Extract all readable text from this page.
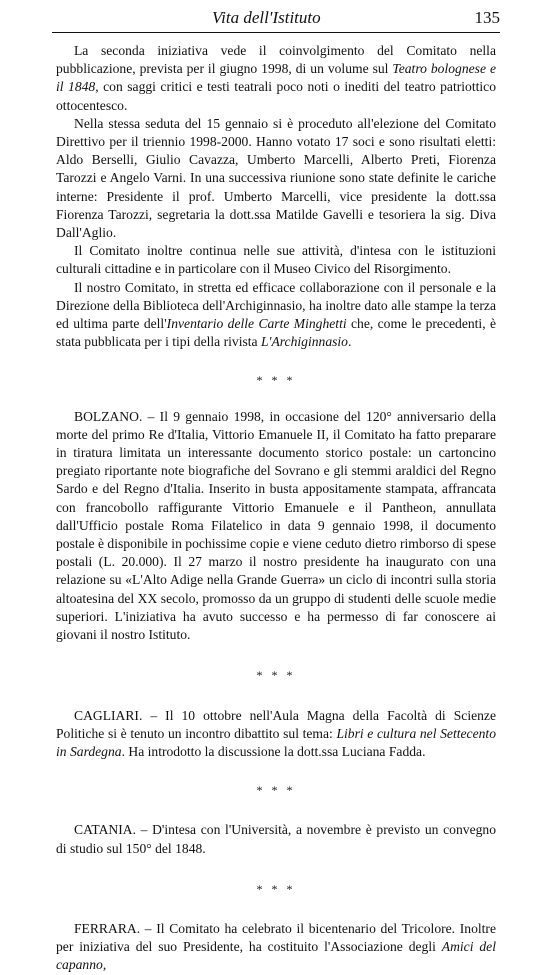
Vita dell'Istituto	135

La seconda iniziativa vede il coinvolgimento del Comitato nella pubblicazione, prevista per il giugno 1998, di un volume sul Teatro bolognese e il 1848, con saggi critici e testi teatrali poco noti o inediti del teatro patriottico ottocentesco.

Nella stessa seduta del 15 gennaio si è proceduto all'elezione del Comitato Direttivo per il triennio 1998-2000. Hanno votato 17 soci e sono risultati eletti: Aldo Berselli, Giulio Cavazza, Umberto Marcelli, Alberto Preti, Fiorenza Tarozzi e Angelo Varni. In una successiva riunione sono state definite le cariche interne: Presidente il prof. Umberto Marcelli, vice presidente la dott.ssa Fiorenza Tarozzi, segretaria la dott.ssa Matilde Gavelli e tesoriera la sig. Diva Dall'Aglio.

Il Comitato inoltre continua nelle sue attività, d'intesa con le istituzioni culturali cittadine e in particolare con il Museo Civico del Risorgimento.

Il nostro Comitato, in stretta ed efficace collaborazione con il personale e la Direzione della Biblioteca dell'Archiginnasio, ha inoltre dato alle stampe la terza ed ultima parte dell'Inventario delle Carte Minghetti che, come le precedenti, è stata pubblicata per i tipi della rivista L'Archiginnasio.

* * *

BOLZANO. – Il 9 gennaio 1998, in occasione del 120° anniversario della morte del primo Re d'Italia, Vittorio Emanuele II, il Comitato ha fatto preparare in tiratura limitata un interessante documento storico postale: un cartoncino pregiato riportante note biografiche del Sovrano e gli stemmi araldici del Regno Sardo e del Regno d'Italia. Inserito in busta appositamente stampata, affrancata con francobollo raffigurante Vittorio Emanuele e il Pantheon, annullata dall'Ufficio postale Roma Filatelico in data 9 gennaio 1998, il documento postale è disponibile in pochissime copie e viene ceduto dietro rimborso di spese postali (L. 20.000). Il 27 marzo il nostro presidente ha inaugurato con una relazione su «L'Alto Adige nella Grande Guerra» un ciclo di incontri sulla storia altoatesina del XX secolo, promosso da un gruppo di studenti delle scuole medie superiori. L'iniziativa ha avuto successo e ha permesso di far conoscere ai giovani il nostro Istituto.

* * *

CAGLIARI. – Il 10 ottobre nell'Aula Magna della Facoltà di Scienze Politiche si è tenuto un incontro dibattito sul tema: Libri e cultura nel Settecento in Sardegna. Ha introdotto la discussione la dott.ssa Luciana Fadda.

* * *

CATANIA. – D'intesa con l'Università, a novembre è previsto un convegno di studio sul 150° del 1848.

* * *

FERRARA. – Il Comitato ha celebrato il bicentenario del Tricolore. Inoltre per iniziativa del suo Presidente, ha costituito l'Associazione degli Amici del capanno,
